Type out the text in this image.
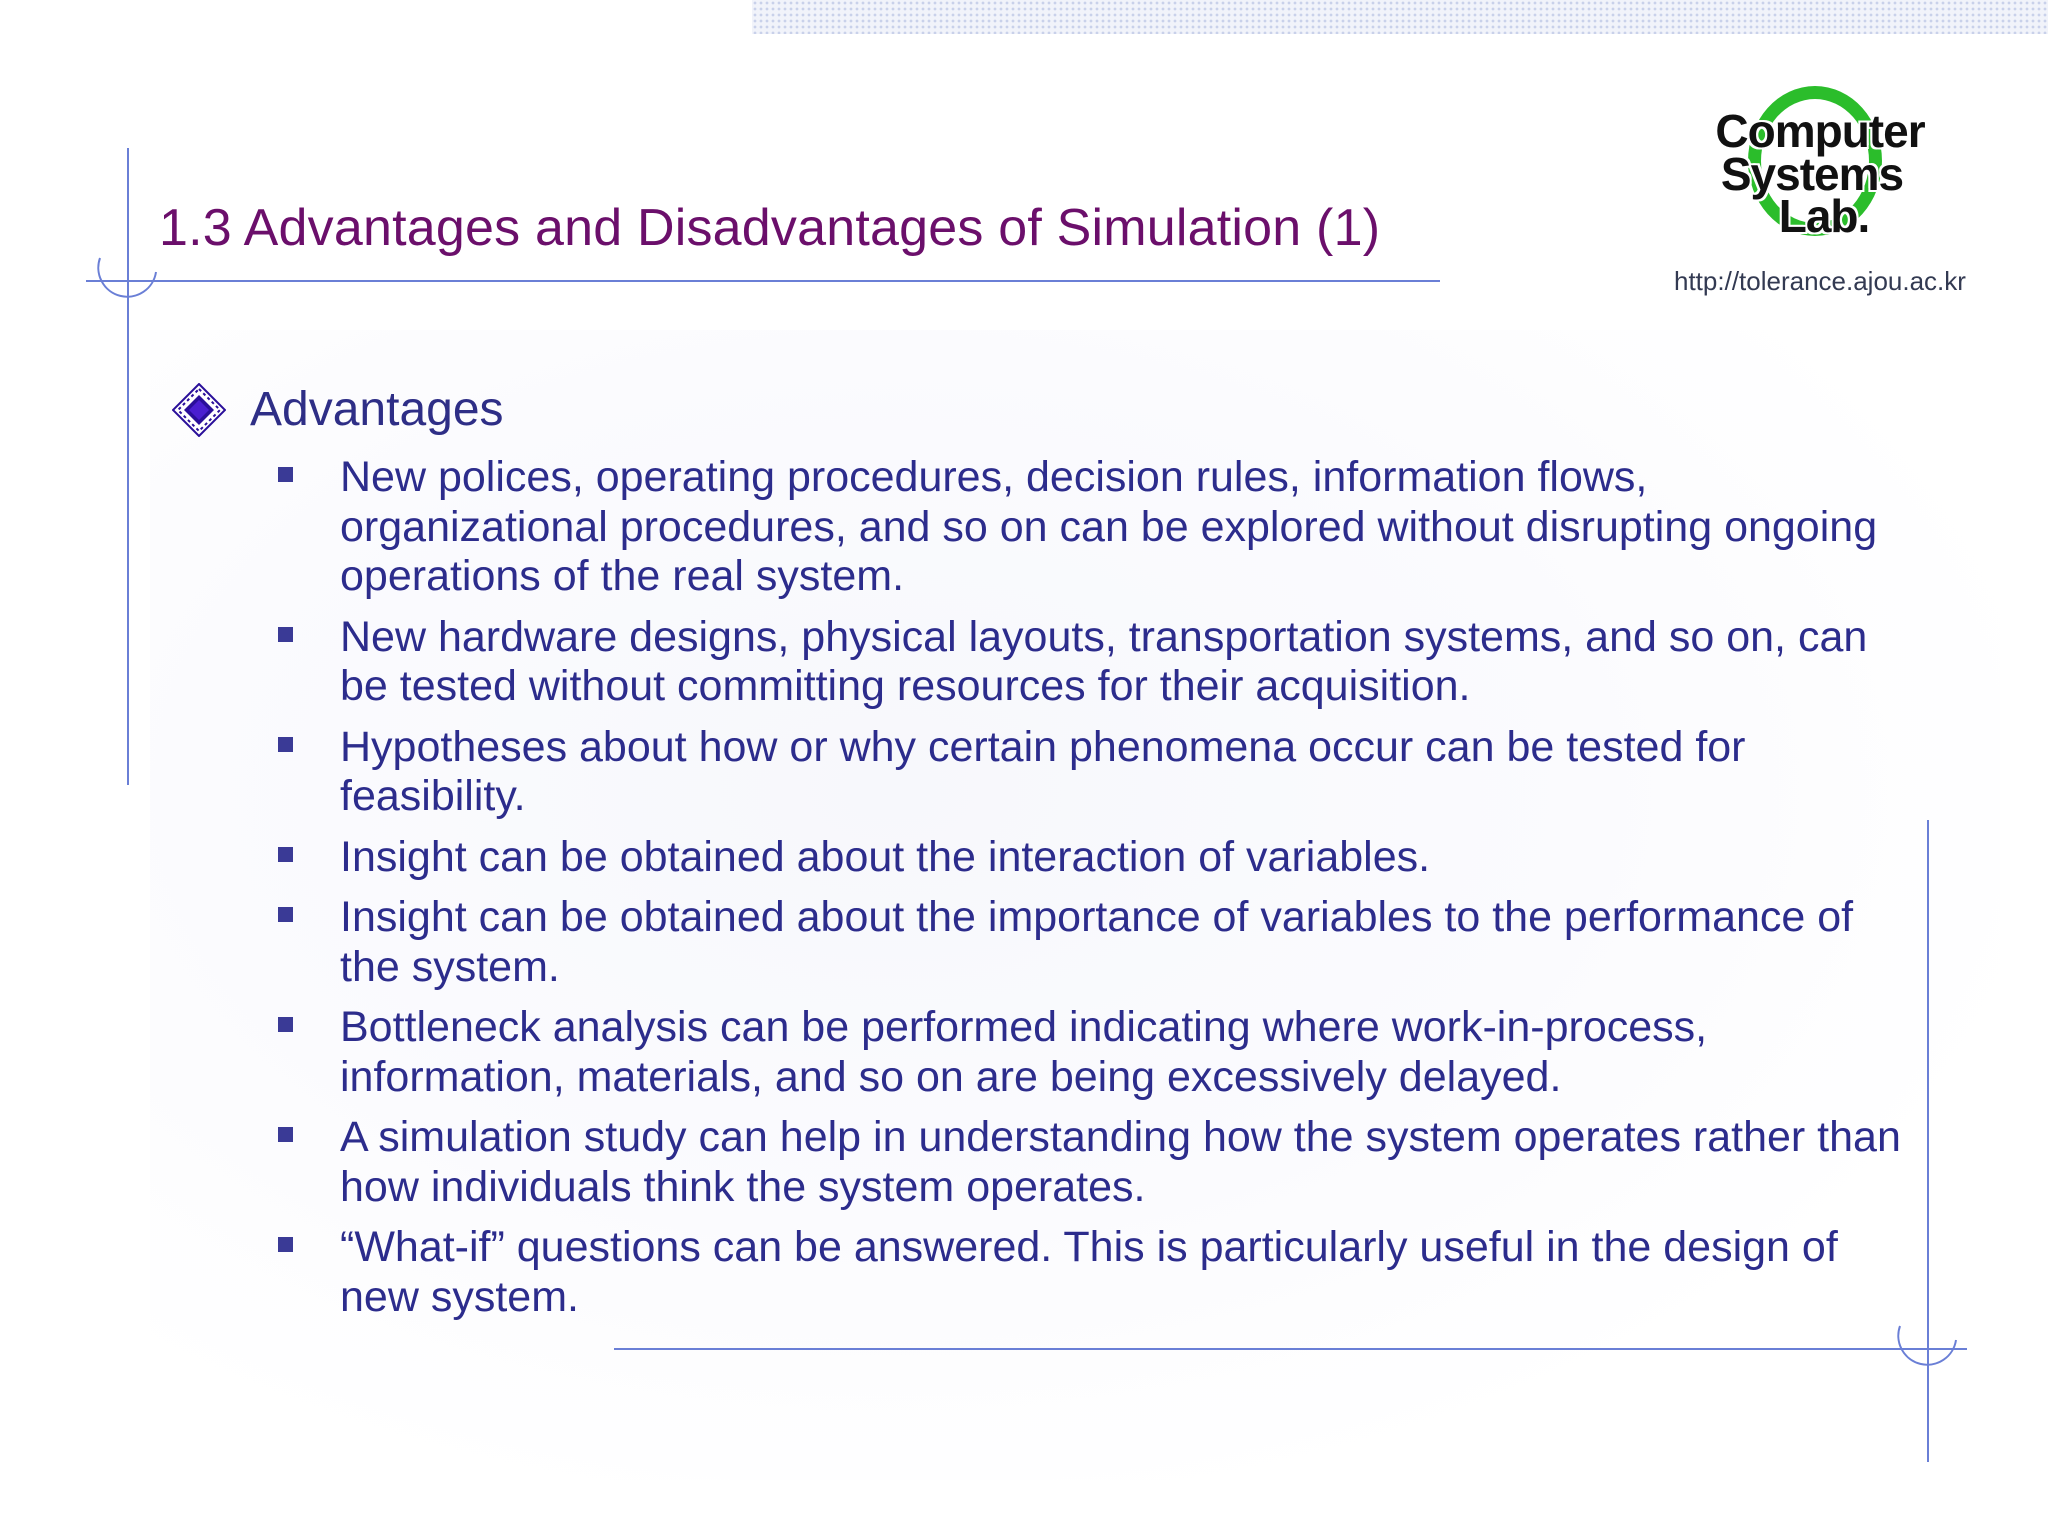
1.3 Advantages and Disadvantages of Simulation (1)
Computer
Systems
Lab.
http://tolerance.ajou.ac.kr
Advantages
New polices, operating procedures, decision rules, information flows, organizational procedures, and so on can be explored without disrupting ongoing operations of the real system.
New hardware designs, physical layouts, transportation systems, and so on, can be tested without committing resources for their acquisition.
Hypotheses about how or why certain phenomena occur can be tested for feasibility.
Insight can be obtained about the interaction of variables.
Insight can be obtained about the importance of variables to the performance of the system.
Bottleneck analysis can be performed indicating where work-in-process, information, materials, and so on are being excessively delayed.
A simulation study can help in understanding how the system operates rather than how individuals think the system operates.
“What-if” questions can be answered. This is particularly useful in the design of new system.
